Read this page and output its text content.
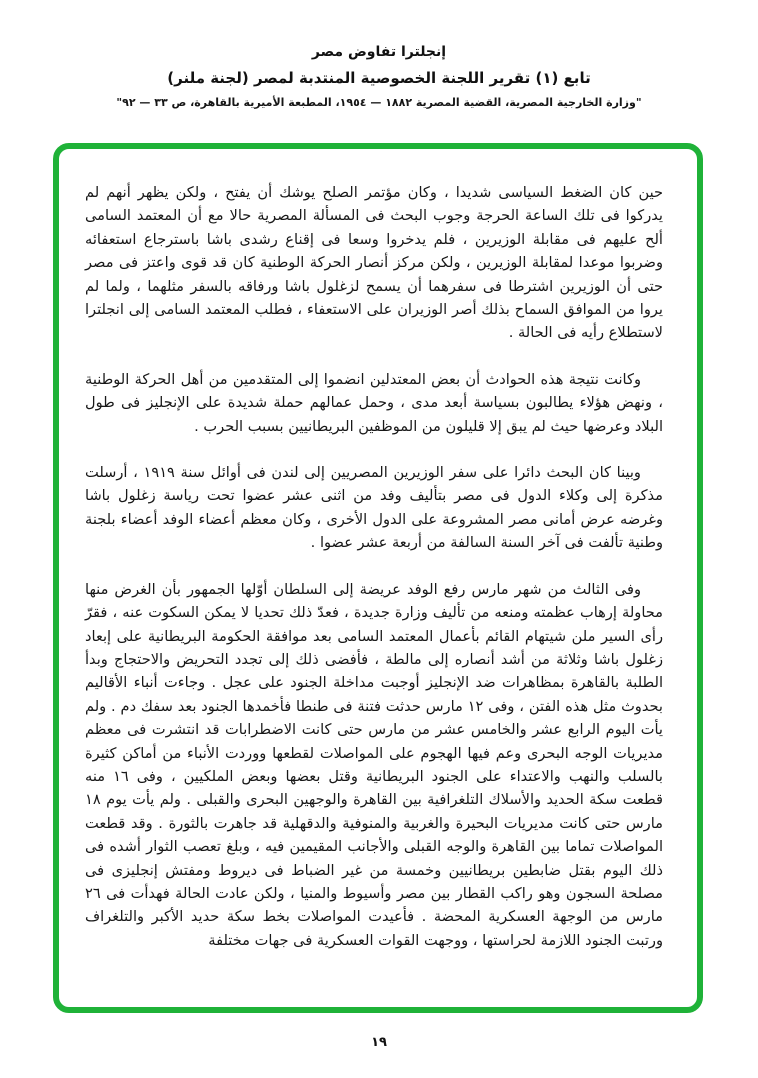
إنجلترا تفاوض مصر
تابع (١) تقرير اللجنة الخصوصية المنتدبة لمصر (لجنة ملنر)
"وزارة الخارجية المصرية، القضية المصرية ١٨٨٢ — ١٩٥٤، المطبعة الأميرية بالقاهرة، ص ٣٣ — ٩٢"

حين كان الضغط السياسى شديدا ، وكان مؤتمر الصلح يوشك أن يفتح ، ولكن يظهر أنهم لم يدركوا فى تلك الساعة الحرجة وجوب البحث فى المسألة المصرية حالا مع أن المعتمد السامى ألح عليهم فى مقابلة الوزيرين ، فلم يدخروا وسعا فى إقناع رشدى باشا باسترجاع استعفائه وضربوا موعدا لمقابلة الوزيرين ، ولكن مركز أنصار الحركة الوطنية كان قد قوى واعتز فى مصر حتى أن الوزيرين اشترطا فى سفرهما أن يسمح لزغلول باشا ورفاقه بالسفر مثلهما ، ولما لم يروا من الموافق السماح بذلك أصر الوزيران على الاستعفاء ، فطلب المعتمد السامى إلى انجلترا لاستطلاع رأيه فى الحالة .

وكانت نتيجة هذه الحوادث أن بعض المعتدلين انضموا إلى المتقدمين من أهل الحركة الوطنية ، ونهض هؤلاء يطالبون بسياسة أبعد مدى ، وحمل عمالهم حملة شديدة على الإنجليز فى طول البلاد وعرضها حيث لم يبق إلا قليلون من الموظفين البريطانيين بسبب الحرب .

وبينا كان البحث دائرا على سفر الوزيرين المصريين إلى لندن فى أوائل سنة ١٩١٩ ، أرسلت مذكرة إلى وكلاء الدول فى مصر بتأليف وفد من اثنى عشر عضوا تحت رياسة زغلول باشا وغرضه عرض أمانى مصر المشروعة على الدول الأخرى ، وكان معظم أعضاء الوفد أعضاء بلجنة وطنية تألفت فى آخر السنة السالفة من أربعة عشر عضوا .

وفى الثالث من شهر مارس رفع الوفد عريضة إلى السلطان أوّلها الجمهور بأن الغرض منها محاولة إرهاب عظمته ومنعه من تأليف وزارة جديدة ، فعدّ ذلك تحديا لا يمكن السكوت عنه ، فقرّ رأى السير ملن شيتهام القائم بأعمال المعتمد السامى بعد موافقة الحكومة البريطانية على إبعاد زغلول باشا وثلاثة من أشد أنصاره إلى مالطة ، فأفضى ذلك إلى تجدد التحريض والاحتجاج وبدأ الطلبة بالقاهرة بمظاهرات ضد الإنجليز أوجبت مداخلة الجنود على عجل . وجاءت أنباء الأقاليم بحدوث مثل هذه الفتن ، وفى ١٢ مارس حدثت فتنة فى طنطا فأخمدها الجنود بعد سفك دم . ولم يأت اليوم الرابع عشر والخامس عشر من مارس حتى كانت الاضطرابات قد انتشرت فى معظم مديريات الوجه البحرى وعم فيها الهجوم على المواصلات لقطعها ووردت الأنباء من أماكن كثيرة بالسلب والنهب والاعتداء على الجنود البريطانية وقتل بعضها وبعض الملكيين ، وفى ١٦ منه قطعت سكة الحديد والأسلاك التلغرافية بين القاهرة والوجهين البحرى والقبلى . ولم يأت يوم ١٨ مارس حتى كانت مديريات البحيرة والغربية والمنوفية والدقهلية قد جاهرت بالثورة . وقد قطعت المواصلات تماما بين القاهرة والوجه القبلى والأجانب المقيمين فيه ، وبلغ تعصب الثوار أشده فى ذلك اليوم بقتل ضابطين بريطانيين وخمسة من غير الضباط فى ديروط ومفتش إنجليزى فى مصلحة السجون وهو راكب القطار بين مصر وأسيوط والمنيا ، ولكن عادت الحالة فهدأت فى ٢٦ مارس من الوجهة العسكرية المحضة . فأعيدت المواصلات بخط سكة حديد الأكبر والتلغراف ورتبت الجنود اللازمة لحراستها ، ووجهت القوات العسكرية فى جهات مختلفة

١٩
